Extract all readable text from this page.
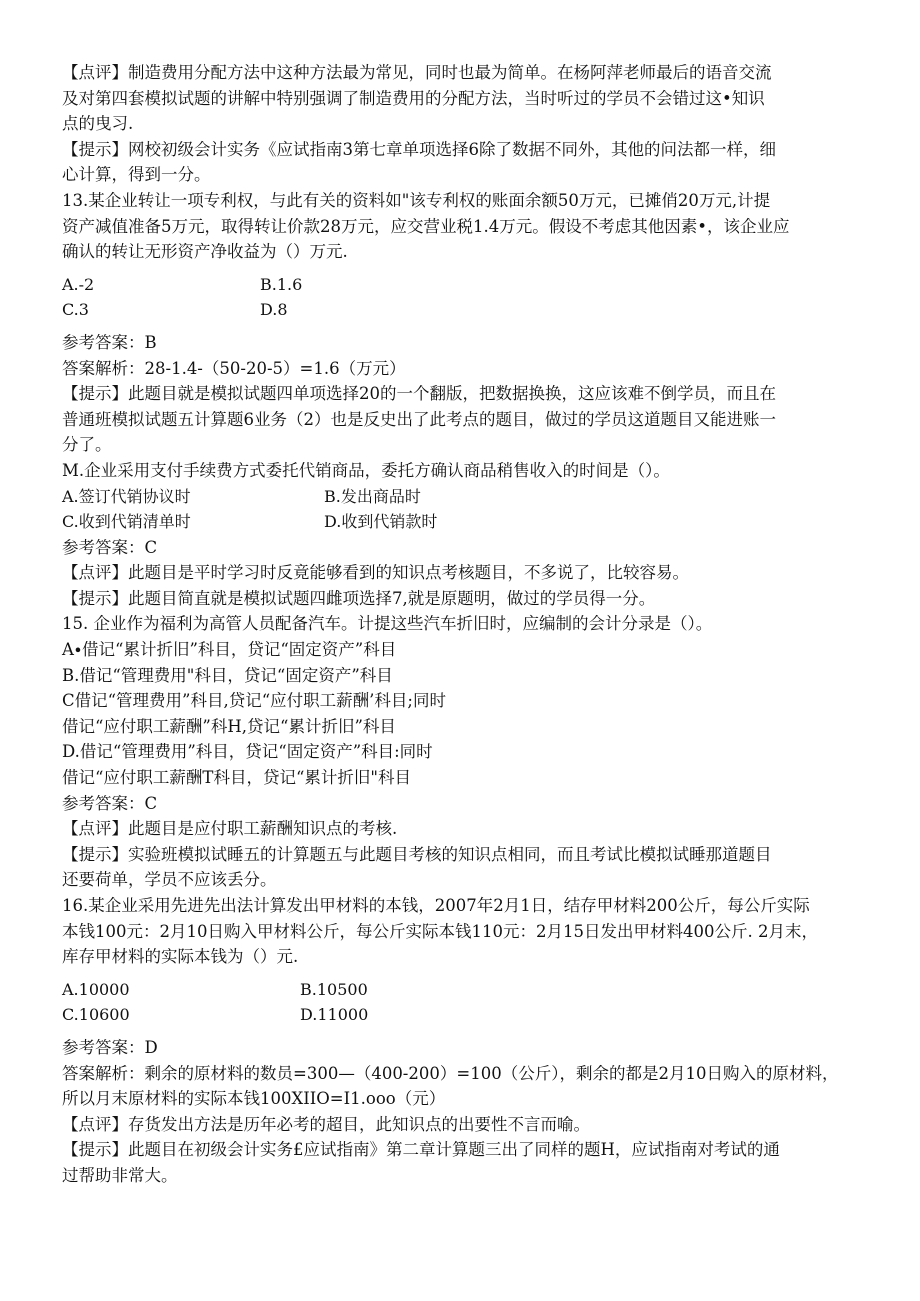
【点评】制造费用分配方法中这种方法最为常见，同时也最为简单。在杨阿萍老师最后的语音交流
及对第四套模拟试题的讲解中特别强调了制造费用的分配方法，当时听过的学员不会错过这•知识
点的曳习.
【提示】网校初级会计实务《应试指南3第七章单项选择6除了数据不同外，其他的问法都一样，细
心计算，得到一分。
13.某企业转让一项专利权，与此有关的资料如"该专利权的账面余额50万元，已摊俏20万元,计提
资产减值准备5万元，取得转让价款28万元，应交营业税1.4万元。假设不考虑其他因素•，该企业应
确认的转让无形资产净收益为（）万元.
A.-2	B.1.6
C.3	D.8
参考答案：B
答案解析：28-1.4-（50-20-5）=1.6（万元）
【提示】此题目就是模拟试题四单项选择20的一个翻版，把数据换换，这应该难不倒学员，而且在
普通班模拟试题五计算题6业务（2）也是反史出了此考点的题目，做过的学员这道题目又能进账一
分了。
M.企业采用支付手续费方式委托代销商品，委托方确认商品稍售收入的时间是（）。
A.签订代销协议时	B.发出商品时
C.收到代销清单时	D.收到代销款时
参考答案：C
【点评】此题目是平时学习时反竟能够看到的知识点考核题目，不多说了，比较容易。
【提示】此题目简直就是模拟试题四雌项选择7,就是原题明，做过的学员得一分。
15. 企业作为福利为高管人员配备汽车。计提这些汽车折旧时，应编制的会计分录是（）。
A∙借记“累计折旧”科目，贷记“固定资产”科目
B.借记“管理费用"科目，贷记“固定资产”科目
C借记“管理费用”科目,贷记“应付职工薪酬’科目;同时
借记“应付职工薪酬”科H,贷记“累计折旧”科目
D.借记“管理费用”科目，贷记“固定资产”科目:同时
借记“应付职工薪酬T科目，贷记“累计折旧"科目
参考答案：C
【点评】此题目是应付职工薪酬知识点的考核.
【提示】实验班模拟试睡五的计算题五与此题目考核的知识点相同，而且考试比模拟试睡那道题目
还要荷单，学员不应该丢分。
16.某企业采用先进先出法计算发出甲材料的本钱，2007年2月1日，结存甲材料200公斤，每公斤实际
本钱100元：2月10日购入甲材料公斤，每公斤实际本钱110元：2月15日发出甲材料400公斤. 2月末，
库存甲材料的实际本钱为（）元.
A.10000	B.10500
C.10600	D.11000
参考答案：D
答案解析：剩余的原材料的数员=300—（400-200）=100（公斤），剩余的都是2月10日购入的原材料，
所以月末原材料的实际本钱100XIIO=I1.ooo（元）
【点评】存货发出方法是历年必考的超目，此知识点的出要性不言而喻。
【提示】此题目在初级会计实务£应试指南》第二章计算题三出了同样的题H，应试指南对考试的通
过帮助非常大。
